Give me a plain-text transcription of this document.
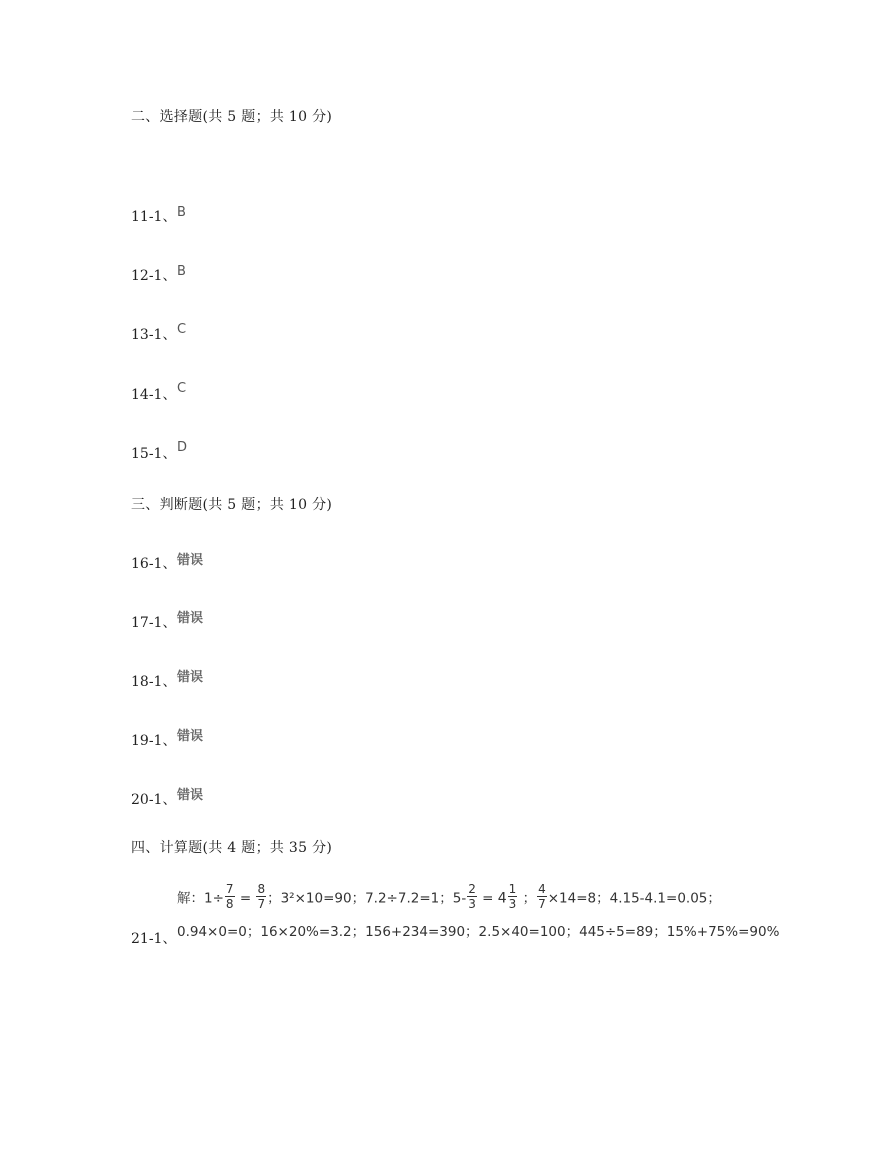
二、选择题(共 5 题；共 10 分)
11-1、 B
12-1、 B
13-1、 C
14-1、 C
15-1、 D
三、判断题(共 5 题；共 10 分)
16-1、 错误
17-1、 错误
18-1、 错误
19-1、 错误
20-1、 错误
四、计算题(共 4 题；共 35 分)
解：$1\div \frac{7}{8} = \frac{8}{7}$ ；3²×10=90；7.2÷7.2=1；$5- \frac{2}{3} = 4 \frac{1}{3}$ ； $\frac{4}{7} \times 14=8$；4.15-4.1=0.05；
21-1、 0.94×0=0；16×20%=3.2；156+234=390；2.5×40=100；445÷5=89；15%+75%=90%
